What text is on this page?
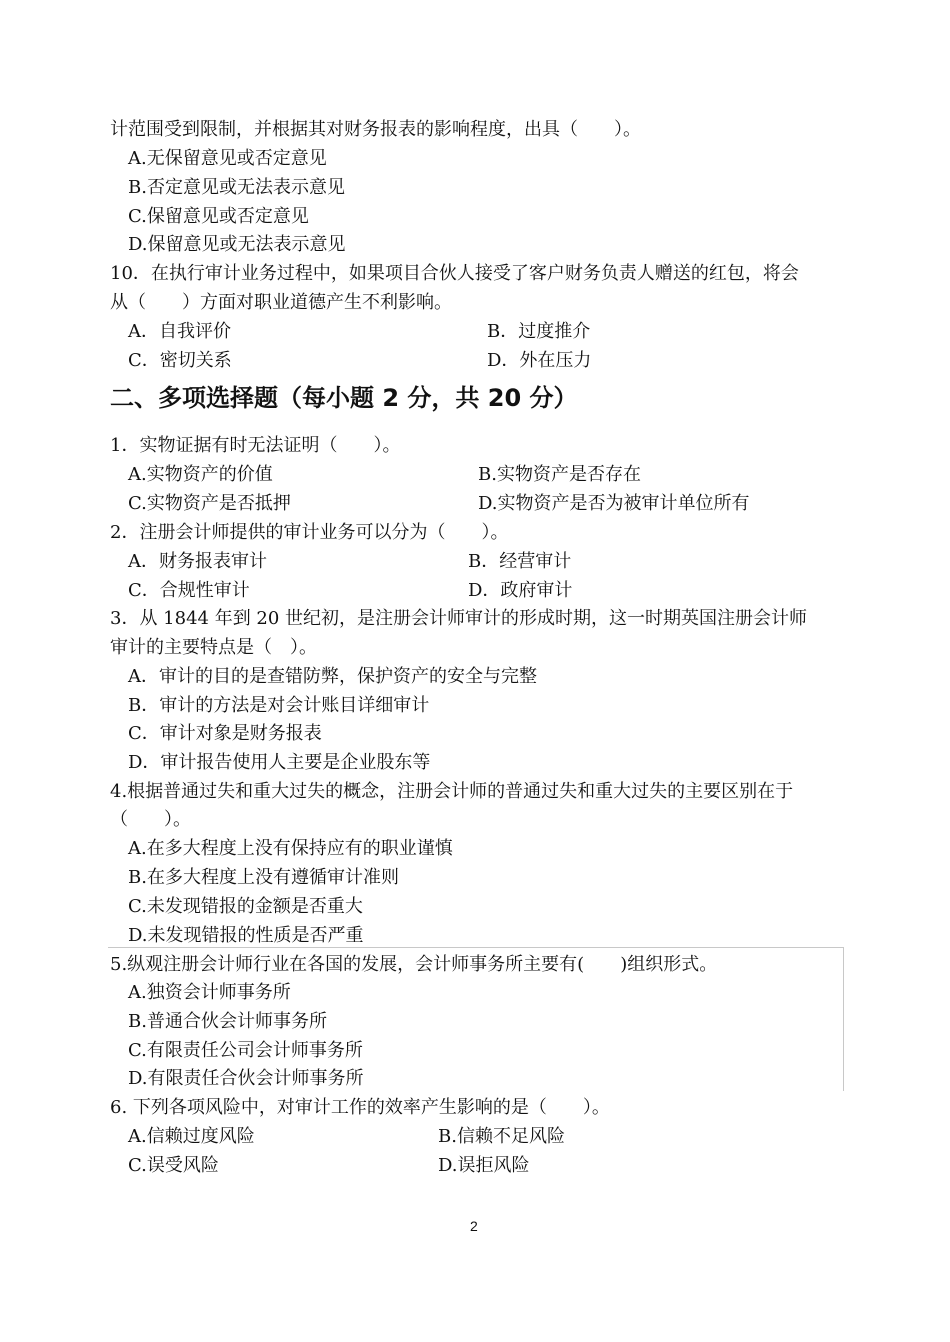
计范围受到限制，并根据其对财务报表的影响程度，出具（　　）。
A.无保留意见或否定意见
B.否定意见或无法表示意见
C.保留意见或否定意见
D.保留意见或无法表示意见
10．在执行审计业务过程中，如果项目合伙人接受了客户财务负责人赠送的红包，将会
从（　　）方面对职业道德产生不利影响。
A．自我评价	B．过度推介
C．密切关系	D．外在压力
二、多项选择题（每小题 2 分，共 20 分）
1．实物证据有时无法证明（　　）。
A.实物资产的价值	B.实物资产是否存在
C.实物资产是否抵押	D.实物资产是否为被审计单位所有
2．注册会计师提供的审计业务可以分为（　　）。
A．财务报表审计	B．经营审计
C．合规性审计	D．政府审计
3．从 1844 年到 20 世纪初，是注册会计师审计的形成时期，这一时期英国注册会计师
审计的主要特点是（　）。
A．审计的目的是查错防弊，保护资产的安全与完整
B．审计的方法是对会计账目详细审计
C．审计对象是财务报表
D．审计报告使用人主要是企业股东等
4.根据普通过失和重大过失的概念，注册会计师的普通过失和重大过失的主要区别在于
（　　）。
A.在多大程度上没有保持应有的职业谨慎
B.在多大程度上没有遵循审计准则
C.未发现错报的金额是否重大
D.未发现错报的性质是否严重
5.纵观注册会计师行业在各国的发展，会计师事务所主要有(　　)组织形式。
A.独资会计师事务所
B.普通合伙会计师事务所
C.有限责任公司会计师事务所
D.有限责任合伙会计师事务所
6. 下列各项风险中，对审计工作的效率产生影响的是（　　）。
A.信赖过度风险	B.信赖不足风险
C.误受风险	D.误拒风险
2
